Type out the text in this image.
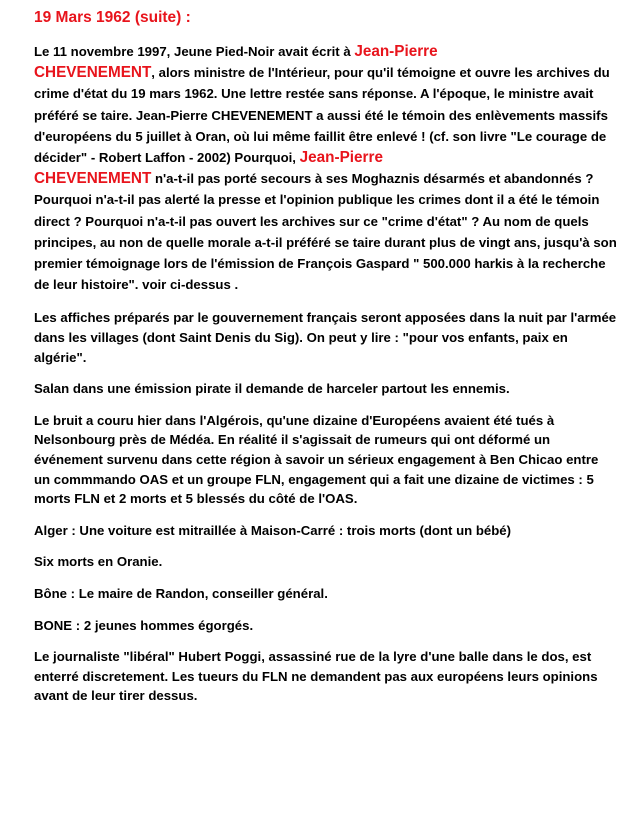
19 Mars 1962 (suite) :
Le 11 novembre 1997, Jeune Pied-Noir avait écrit à Jean-Pierre
CHEVENEMENT, alors ministre de l'Intérieur, pour qu'il témoigne et ouvre les archives du crime d'état du 19 mars 1962. Une lettre restée sans réponse. A l'époque, le ministre avait préféré se taire. Jean-Pierre CHEVENEMENT a aussi été le témoin des enlèvements massifs d'européens du 5 juillet à Oran, où lui même faillit être enlevé ! (cf. son livre "Le courage de décider" - Robert Laffon - 2002) Pourquoi, Jean-Pierre
CHEVENEMENT n'a-t-il pas porté secours à ses Moghaznis désarmés et abandonnés ? Pourquoi n'a-t-il pas alerté la presse et l'opinion publique les crimes dont il a été le témoin direct ? Pourquoi n'a-t-il pas ouvert les archives sur ce "crime d'état" ? Au nom de quels principes, au non de quelle morale a-t-il préféré se taire durant plus de vingt ans, jusqu'à son premier témoignage lors de l'émission de François Gaspard " 500.000 harkis à la recherche de leur histoire". voir ci-dessus .
Les affiches préparés par le gouvernement français seront apposées dans la nuit par l'armée dans les villages (dont Saint Denis du Sig). On peut y lire : "pour vos enfants, paix en algérie".
Salan dans une émission pirate il demande de harceler partout les ennemis.
Le bruit a couru hier dans l'Algérois, qu'une dizaine d'Européens avaient été tués à Nelsonbourg près de Médéa. En réalité il s'agissait de rumeurs qui ont déformé un événement survenu dans cette région à savoir un sérieux engagement à Ben Chicao entre un commmando OAS et un groupe FLN, engagement qui a fait une dizaine de victimes : 5 morts FLN et 2 morts et 5 blessés du côté de l'OAS.
Alger : Une voiture est mitraillée à Maison-Carré : trois morts (dont un bébé)
Six morts en Oranie.
Bône : Le maire de Randon, conseiller général.
BONE : 2 jeunes hommes égorgés.
Le journaliste "libéral" Hubert Poggi, assassiné rue de la lyre d'une balle dans le dos, est enterré discretement. Les tueurs du FLN ne demandent pas aux européens leurs opinions avant de leur tirer dessus.
